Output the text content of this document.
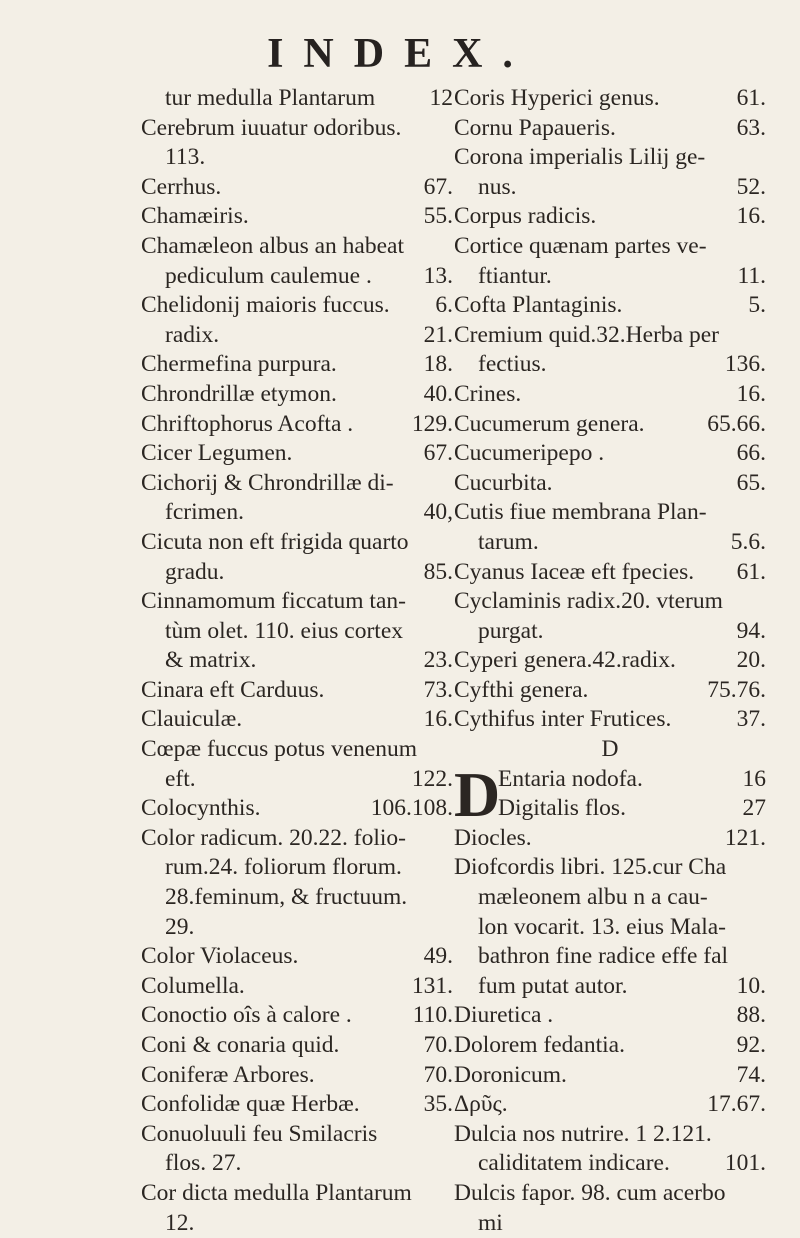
INDEX.
tur medulla Plantarum 12
Cerebrum iuuatur odoribus.
113.
Cerrhus.	67.
Chamæiris.	55.
Chamæleon albus an habeat
pediculum caulemue . 13.
Chelidonij maioris fuccus. 6.
radix.	21.
Chermefina purpura.	18.
Chrondrillæ etymon.	40.
Chriftophorus Acofta .	129.
Cicer Legumen.	67.
Cichorij & Chrondrillæ di-
fcrimen.	40,
Cicuta non eft frigida quarto
gradu.	85.
Cinnamomum ficcatum tan-
tùm olet. 110. eius cortex
& matrix.	23.
Cinara eft Carduus.	73.
Clauiculæ.	16.
Cœpæ fuccus potus venenum
eft.	122.
Colocynthis.	106.108.
Color radicum. 20.22. folio-
rum.24. foliorum florum.
28.feminum, & fructuum.
29.
Color Violaceus.	49.
Columella.	131.
Conoctio oîs à calore .	110.
Coni & conaria quid.	70.
Coniferæ Arbores.	70.
Confolidæ quæ Herbæ.	35.
Conuoluuli feu Smilacris
flos. 27.
Cor dicta medulla Plantarum
12.
Coris Hyperici genus.	61.
Cornu Papaueris.	63.
Corona imperialis Lilij ge-
nus.	52.
Corpus radicis.	16.
Cortice quænam partes ve-
ftiantur.	11.
Cofta Plantaginis.	5.
Cremium quid.32.Herba per
fectius.	136.
Crines.	16.
Cucumerum genera.	65.66.
Cucumeripepo .	66.
Cucurbita.	65.
Cutis fiue membrana Plan-
tarum.	5.6.
Cyanus Iaceæ eft fpecies. 61.
Cyclaminis radix.20. vterum
purgat.	94.
Cyperi genera.42.radix.	20.
Cyfthi genera.	75.76.
Cythifus inter Frutices.	37.
D
D
Entaria nodofa.	16
Digitalis flos.	27
Diocles.	121.
Diofcordis libri. 125.cur Cha
mæleonem albu n a cau-
lon vocarit. 13. eius Mala-
bathron fine radice effe fal
fum putat autor.	10.
Diuretica .	88.
Dolorem fedantia.	92.
Doronicum.	74.
Δρῦς.	17.67.
Dulcia nos nutrire. 1 2.121.
caliditatem indicare. 101.
Dulcis fapor. 98. cum acerbo
mi
